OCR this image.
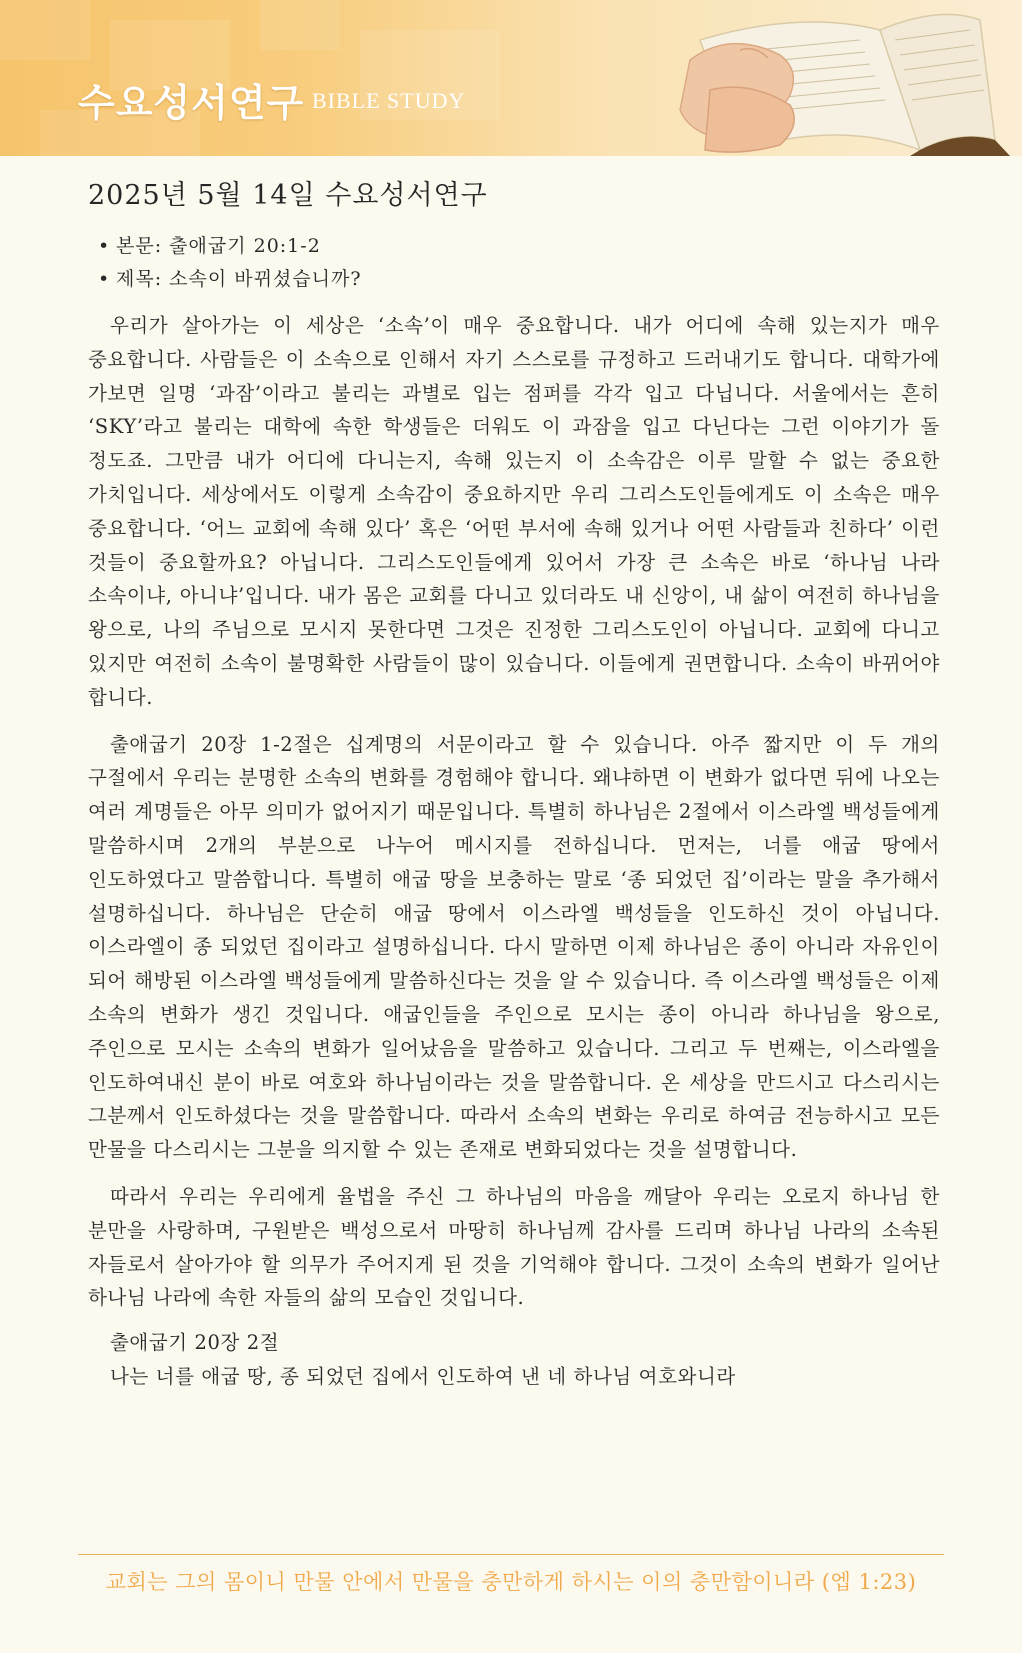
수요성서연구 BIBLE STUDY
2025년 5월 14일 수요성서연구
• 본문: 출애굽기 20:1-2
• 제목: 소속이 바뀌셨습니까?

우리가 살아가는 이 세상은 ‘소속’이 매우 중요합니다. 내가 어디에 속해 있는지가 매우 중요합니다. 사람들은 이 소속으로 인해서 자기 스스로를 규정하고 드러내기도 합니다. 대학가에 가보면 일명 ‘과잠’이라고 불리는 과별로 입는 점퍼를 각각 입고 다닙니다. 서울에서는 흔히 ‘SKY’라고 불리는 대학에 속한 학생들은 더워도 이 과잠을 입고 다닌다는 그런 이야기가 돌 정도죠. 그만큼 내가 어디에 다니는지, 속해 있는지 이 소속감은 이루 말할 수 없는 중요한 가치입니다. 세상에서도 이렇게 소속감이 중요하지만 우리 그리스도인들에게도 이 소속은 매우 중요합니다. ‘어느 교회에 속해 있다’ 혹은 ‘어떤 부서에 속해 있거나 어떤 사람들과 친하다’ 이런 것들이 중요할까요? 아닙니다. 그리스도인들에게 있어서 가장 큰 소속은 바로 ‘하나님 나라 소속이냐, 아니냐’입니다. 내가 몸은 교회를 다니고 있더라도 내 신앙이, 내 삶이 여전히 하나님을 왕으로, 나의 주님으로 모시지 못한다면 그것은 진정한 그리스도인이 아닙니다. 교회에 다니고 있지만 여전히 소속이 불명확한 사람들이 많이 있습니다. 이들에게 권면합니다. 소속이 바뀌어야 합니다.

출애굽기 20장 1-2절은 십계명의 서문이라고 할 수 있습니다. 아주 짧지만 이 두 개의 구절에서 우리는 분명한 소속의 변화를 경험해야 합니다. 왜냐하면 이 변화가 없다면 뒤에 나오는 여러 계명들은 아무 의미가 없어지기 때문입니다. 특별히 하나님은 2절에서 이스라엘 백성들에게 말씀하시며 2개의 부분으로 나누어 메시지를 전하십니다. 먼저는, 너를 애굽 땅에서 인도하였다고 말씀합니다. 특별히 애굽 땅을 보충하는 말로 ‘종 되었던 집’이라는 말을 추가해서 설명하십니다. 하나님은 단순히 애굽 땅에서 이스라엘 백성들을 인도하신 것이 아닙니다. 이스라엘이 종 되었던 집이라고 설명하십니다. 다시 말하면 이제 하나님은 종이 아니라 자유인이 되어 해방된 이스라엘 백성들에게 말씀하신다는 것을 알 수 있습니다. 즉 이스라엘 백성들은 이제 소속의 변화가 생긴 것입니다. 애굽인들을 주인으로 모시는 종이 아니라 하나님을 왕으로, 주인으로 모시는 소속의 변화가 일어났음을 말씀하고 있습니다. 그리고 두 번째는, 이스라엘을 인도하여내신 분이 바로 여호와 하나님이라는 것을 말씀합니다. 온 세상을 만드시고 다스리시는 그분께서 인도하셨다는 것을 말씀합니다. 따라서 소속의 변화는 우리로 하여금 전능하시고 모든 만물을 다스리시는 그분을 의지할 수 있는 존재로 변화되었다는 것을 설명합니다.

따라서 우리는 우리에게 율법을 주신 그 하나님의 마음을 깨달아 우리는 오로지 하나님 한 분만을 사랑하며, 구원받은 백성으로서 마땅히 하나님께 감사를 드리며 하나님 나라의 소속된 자들로서 살아가야 할 의무가 주어지게 된 것을 기억해야 합니다. 그것이 소속의 변화가 일어난 하나님 나라에 속한 자들의 삶의 모습인 것입니다.

출애굽기 20장 2절
나는 너를 애굽 땅, 종 되었던 집에서 인도하여 낸 네 하나님 여호와니라
교회는 그의 몸이니 만물 안에서 만물을 충만하게 하시는 이의 충만함이니라 (엡 1:23)
